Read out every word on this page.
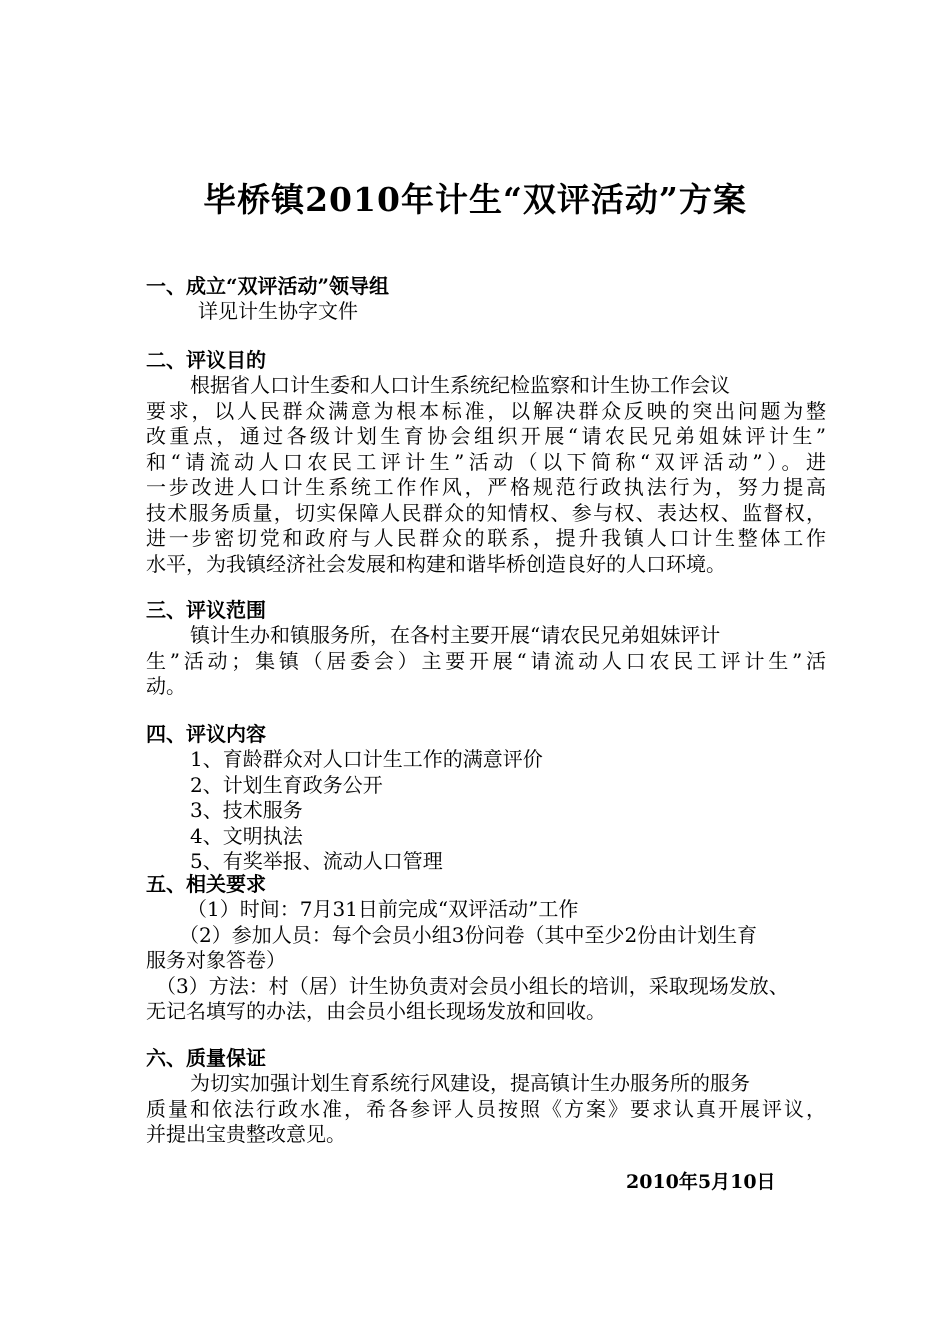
毕桥镇2010年计生“双评活动”方案
一、成立“双评活动”领导组
详见计生协字文件
二、评议目的
根据省人口计生委和人口计生系统纪检监察和计生协工作会议
要求，以人民群众满意为根本标准，以解决群众反映的突出问题为整
改重点，通过各级计划生育协会组织开展“请农民兄弟姐妹评计生”
和“请流动人口农民工评计生”活动（以下简称“双评活动”）。进
一步改进人口计生系统工作作风，严格规范行政执法行为，努力提高
技术服务质量，切实保障人民群众的知情权、参与权、表达权、监督权，
进一步密切党和政府与人民群众的联系，提升我镇人口计生整体工作
水平，为我镇经济社会发展和构建和谐毕桥创造良好的人口环境。
三、评议范围
镇计生办和镇服务所，在各村主要开展“请农民兄弟姐妹评计
生”活动；集镇（居委会）主要开展“请流动人口农民工评计生”活
动。
四、评议内容
1、育龄群众对人口计生工作的满意评价
2、计划生育政务公开
3、技术服务
4、文明执法
5、有奖举报、流动人口管理
五、相关要求
（1）时间：7月31日前完成“双评活动”工作
（2）参加人员：每个会员小组3份问卷（其中至少2份由计划生育
服务对象答卷）
（3）方法：村（居）计生协负责对会员小组长的培训，采取现场发放、
无记名填写的办法，由会员小组长现场发放和回收。
六、质量保证
为切实加强计划生育系统行风建设，提高镇计生办服务所的服务
质量和依法行政水准，希各参评人员按照《方案》要求认真开展评议，
并提出宝贵整改意见。
2010年5月10日
